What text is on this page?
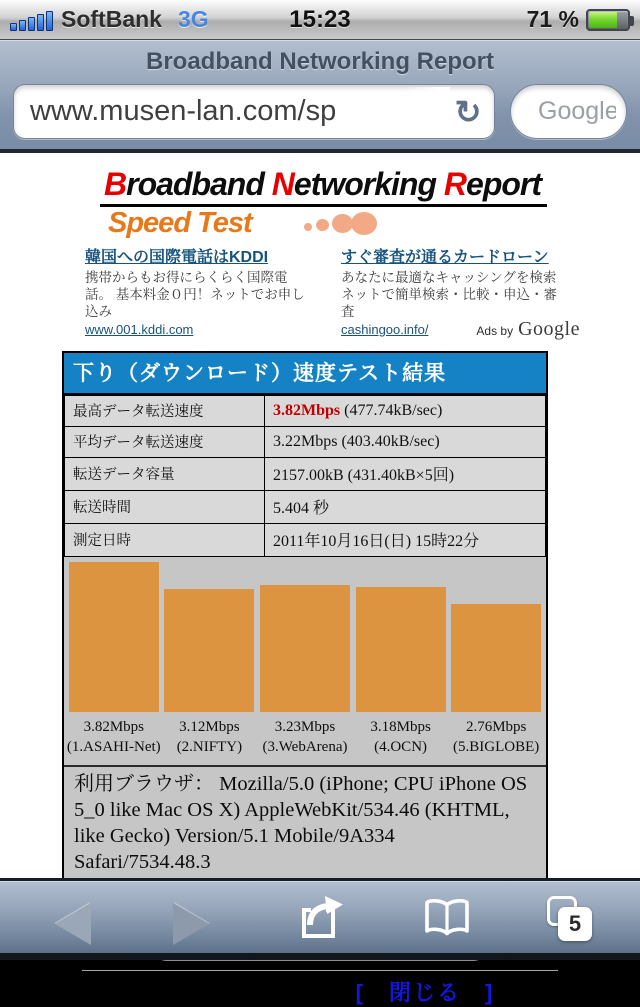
SoftBank 3G	15:23	71 %
Broadband Networking Report
www.musen-lan.com/sp	↻
Google
Broadband Networking Report
Speed Test
韓国への国際電話はKDDI
携帯からもお得にらくらく国際電話。 基本料金０円！ネットでお申し込み
www.001.kddi.com
すぐ審査が通るカードローン
あなたに最適なキャッシングを検索 ネットで簡単検索・比較・申込・審査
cashingoo.info/	Ads by Google
下り（ダウンロード）速度テスト結果
最高データ転送速度	3.82Mbps (477.74kB/sec)
平均データ転送速度	3.22Mbps (403.40kB/sec)
転送データ容量	2157.00kB (431.40kB×5回)
転送時間	5.404 秒
測定日時	2011年10月16日(日) 15時22分
3.82Mbps
(1.ASAHI-Net)
3.12Mbps
(2.NIFTY)
3.23Mbps
(3.WebArena)
3.18Mbps
(4.OCN)
2.76Mbps
(5.BIGLOBE)
利用ブラウザ： Mozilla/5.0 (iPhone; CPU iPhone OS 5_0 like Mac OS X) AppleWebKit/534.46 (KHTML, like Gecko) Version/5.1 Mobile/9A334 Safari/7534.48.3
[　閉じる　]
5
